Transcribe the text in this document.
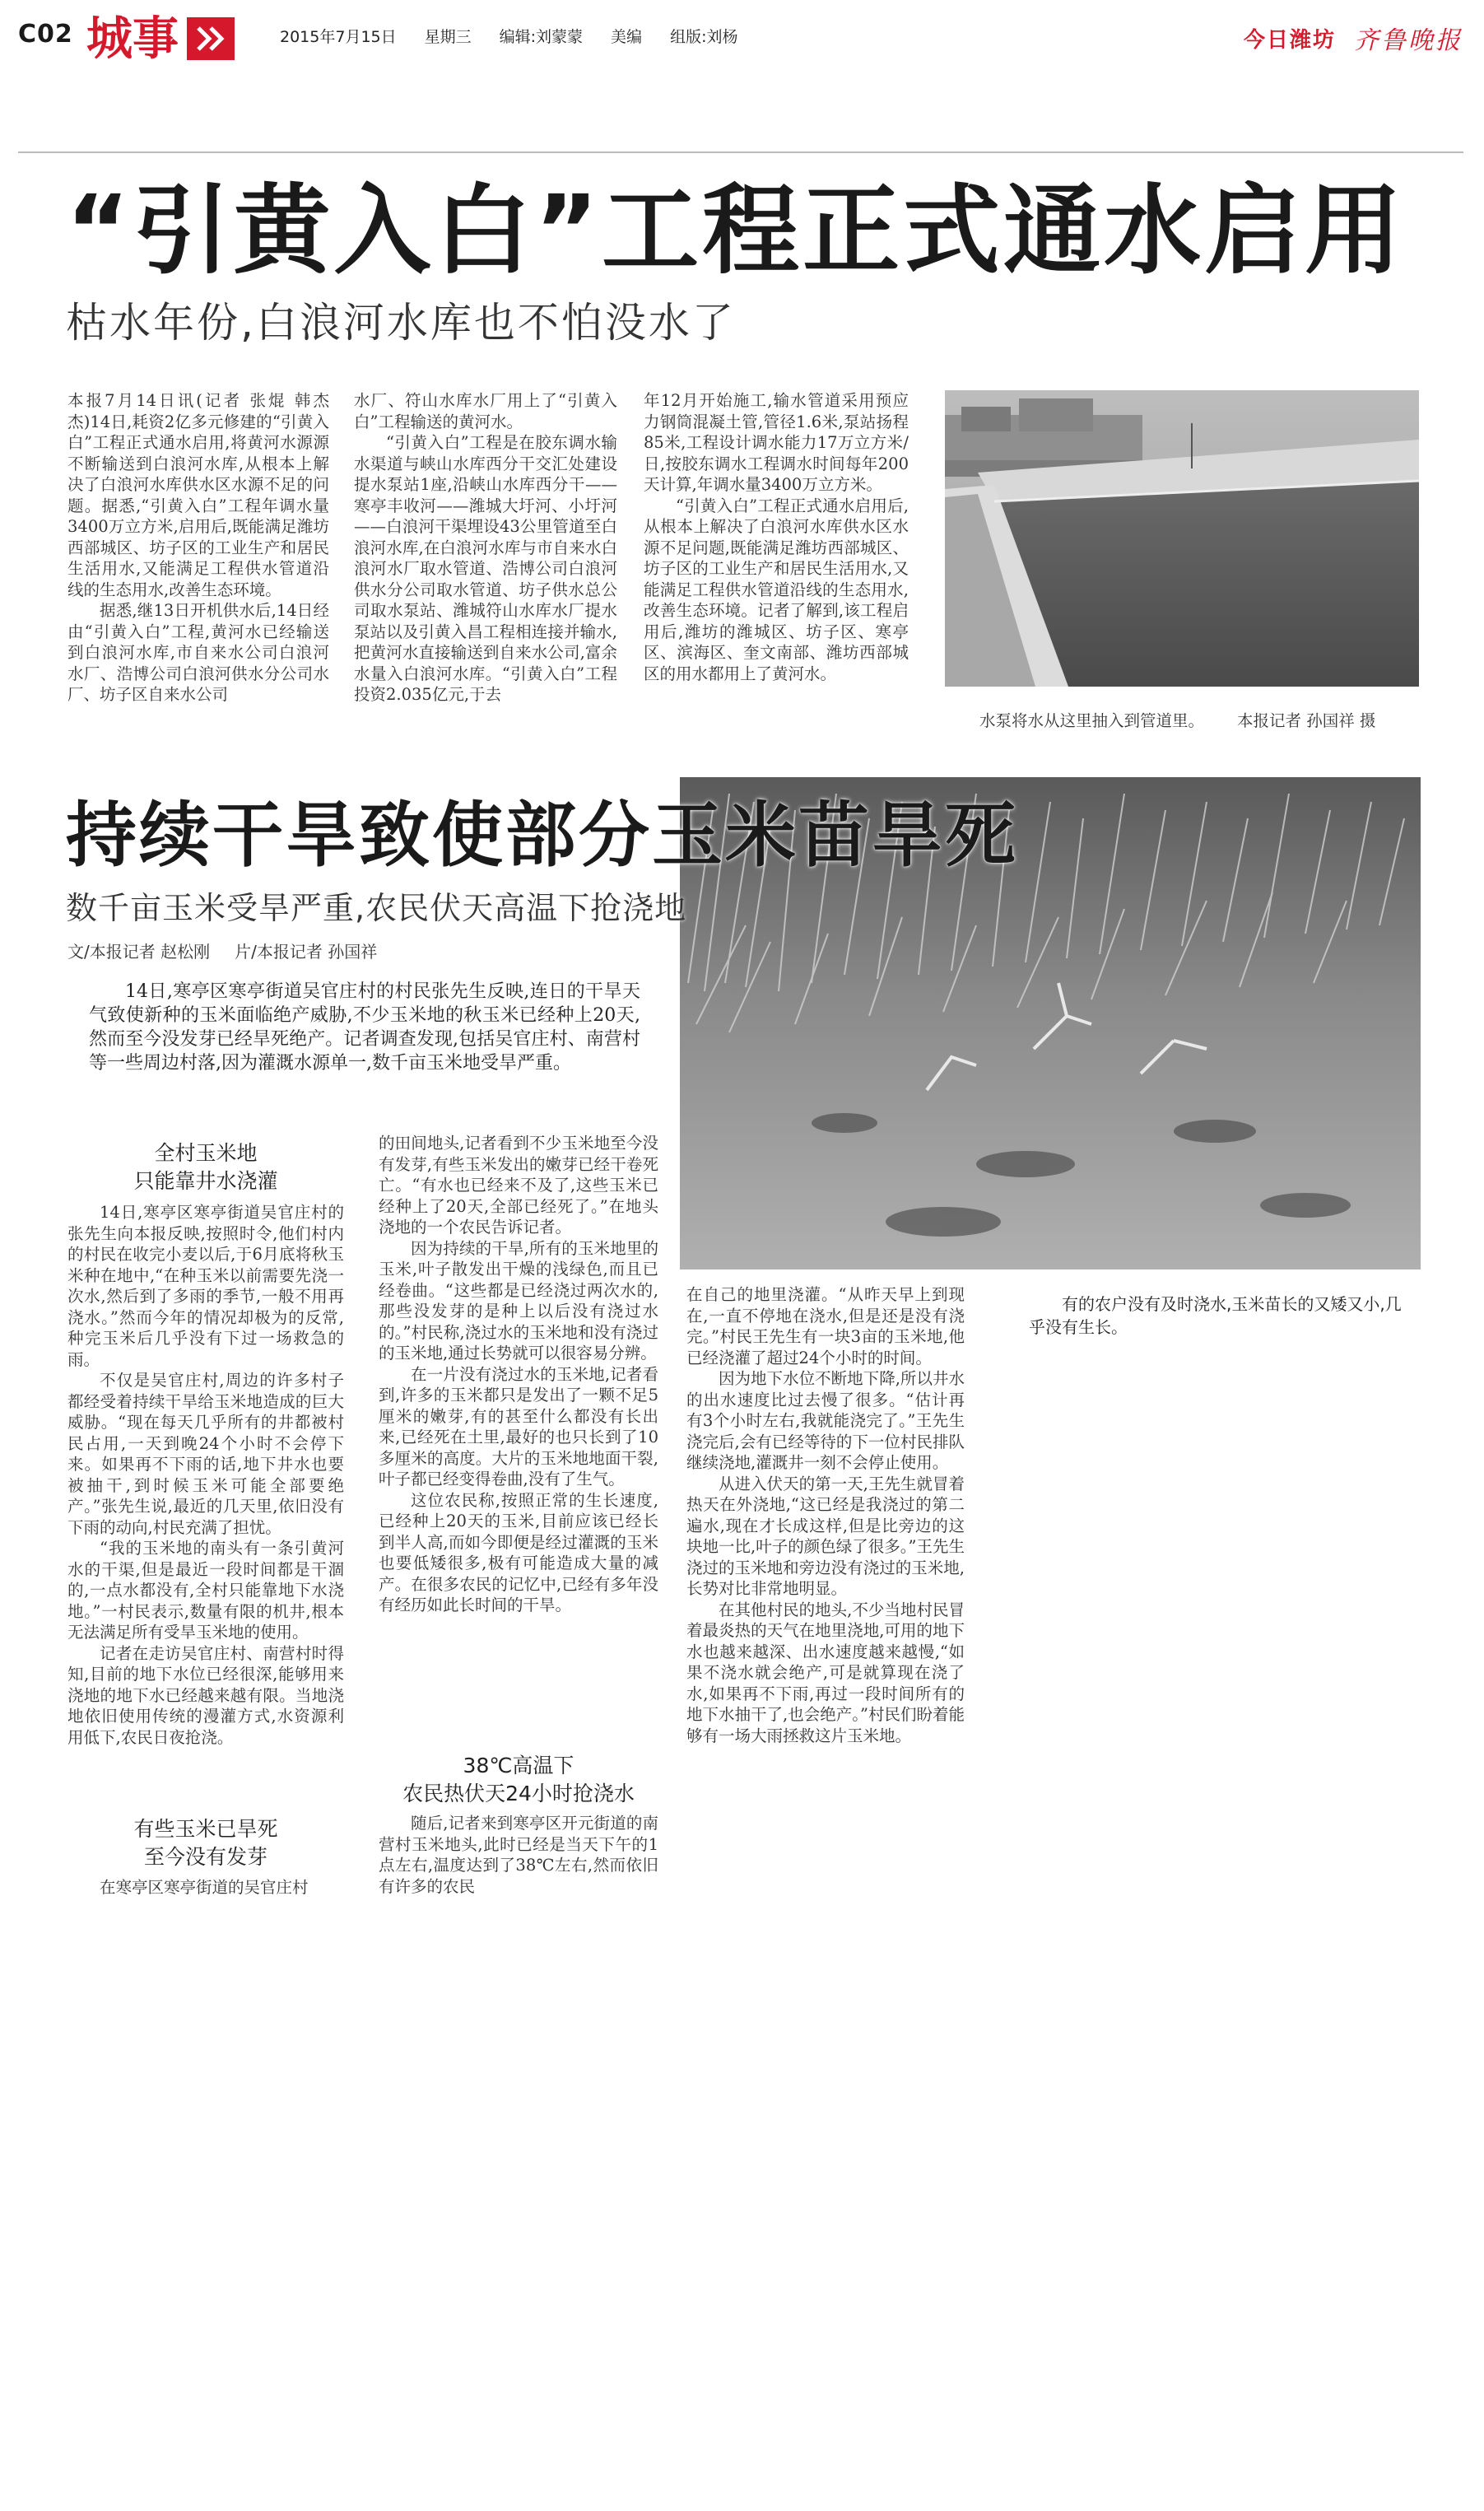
C02 城事	2015年7月15日 星期三 编辑:刘蒙蒙 美编 组版:刘杨	今日潍坊 齐鲁晚报
“引黄入白”工程正式通水启用
枯水年份,白浪河水库也不怕没水了

本报7月14日讯(记者 张焜 韩杰杰)14日,耗资2亿多元修建的“引黄入白”工程正式通水启用,将黄河水源源不断输送到白浪河水库,从根本上解决了白浪河水库供水区水源不足的问题。据悉,“引黄入白”工程年调水量3400万立方米,启用后,既能满足潍坊西部城区、坊子区的工业生产和居民生活用水,又能满足工程供水管道沿线的生态用水,改善生态环境。

据悉,继13日开机供水后,14日经由“引黄入白”工程,黄河水已经输送到白浪河水库,市自来水公司白浪河水厂、浩博公司白浪河供水分公司水厂、坊子区自来水公司

水厂、符山水库水厂用上了“引黄入白”工程输送的黄河水。

“引黄入白”工程是在胶东调水输水渠道与峡山水库西分干交汇处建设提水泵站1座,沿峡山水库西分干——寒亭丰收河——潍城大圩河、小圩河——白浪河干渠埋设43公里管道至白浪河水库,在白浪河水库与市自来水白浪河水厂取水管道、浩博公司白浪河供水分公司取水管道、坊子供水总公司取水泵站、潍城符山水库水厂提水泵站以及引黄入昌工程相连接并输水,把黄河水直接输送到自来水公司,富余水量入白浪河水库。“引黄入白”工程投资2.035亿元,于去

年12月开始施工,输水管道采用预应力钢筒混凝土管,管径1.6米,泵站扬程85米,工程设计调水能力17万立方米/日,按胶东调水工程调水时间每年200天计算,年调水量3400万立方米。

“引黄入白”工程正式通水启用后,从根本上解决了白浪河水库供水区水源不足问题,既能满足潍坊西部城区、坊子区的工业生产和居民生活用水,又能满足工程供水管道沿线的生态用水,改善生态环境。记者了解到,该工程启用后,潍坊的潍城区、坊子区、寒亭区、滨海区、奎文南部、潍坊西部城区的用水都用上了黄河水。

水泵将水从这里抽入到管道里。 本报记者 孙国祥 摄
持续干旱致使部分玉米苗旱死
数千亩玉米受旱严重,农民伏天高温下抢浇地
文/本报记者 赵松刚 片/本报记者 孙国祥

14日,寒亭区寒亭街道吴官庄村的村民张先生反映,连日的干旱天气致使新种的玉米面临绝产威胁,不少玉米地的秋玉米已经种上20天,然而至今没发芽已经旱死绝产。记者调查发现,包括吴官庄村、南营村等一些周边村落,因为灌溉水源单一,数千亩玉米地受旱严重。

全村玉米地
只能靠井水浇灌

14日,寒亭区寒亭街道吴官庄村的张先生向本报反映,按照时令,他们村内的村民在收完小麦以后,于6月底将秋玉米种在地中,“在种玉米以前需要先浇一次水,然后到了多雨的季节,一般不用再浇水。”然而今年的情况却极为的反常,种完玉米后几乎没有下过一场救急的雨。

不仅是吴官庄村,周边的许多村子都经受着持续干旱给玉米地造成的巨大威胁。“现在每天几乎所有的井都被村民占用,一天到晚24个小时不会停下来。如果再不下雨的话,地下井水也要被抽干,到时候玉米可能全部要绝产。”张先生说,最近的几天里,依旧没有下雨的动向,村民充满了担忧。

“我的玉米地的南头有一条引黄河水的干渠,但是最近一段时间都是干涸的,一点水都没有,全村只能靠地下水浇地。”一村民表示,数量有限的机井,根本无法满足所有受旱玉米地的使用。

记者在走访吴官庄村、南营村时得知,目前的地下水位已经很深,能够用来浇地的地下水已经越来越有限。当地浇地依旧使用传统的漫灌方式,水资源利用低下,农民日夜抢浇。

有些玉米已旱死
至今没有发芽

在寒亭区寒亭街道的吴官庄村

的田间地头,记者看到不少玉米地至今没有发芽,有些玉米发出的嫩芽已经干卷死亡。“有水也已经来不及了,这些玉米已经种上了20天,全部已经死了。”在地头浇地的一个农民告诉记者。

因为持续的干旱,所有的玉米地里的玉米,叶子散发出干燥的浅绿色,而且已经卷曲。“这些都是已经浇过两次水的,那些没发芽的是种上以后没有浇过水的。”村民称,浇过水的玉米地和没有浇过的玉米地,通过长势就可以很容易分辨。

在一片没有浇过水的玉米地,记者看到,许多的玉米都只是发出了一颗不足5厘米的嫩芽,有的甚至什么都没有长出来,已经死在土里,最好的也只长到了10多厘米的高度。大片的玉米地地面干裂,叶子都已经变得卷曲,没有了生气。

这位农民称,按照正常的生长速度,已经种上20天的玉米,目前应该已经长到半人高,而如今即便是经过灌溉的玉米也要低矮很多,极有可能造成大量的减产。在很多农民的记忆中,已经有多年没有经历如此长时间的干旱。

38℃高温下
农民热伏天24小时抢浇水

随后,记者来到寒亭区开元街道的南营村玉米地头,此时已经是当天下午的1点左右,温度达到了38℃左右,然而依旧有许多的农民

在自己的地里浇灌。“从昨天早上到现在,一直不停地在浇水,但是还是没有浇完。”村民王先生有一块3亩的玉米地,他已经浇灌了超过24个小时的时间。

因为地下水位不断地下降,所以井水的出水速度比过去慢了很多。“估计再有3个小时左右,我就能浇完了。”王先生浇完后,会有已经等待的下一位村民排队继续浇地,灌溉井一刻不会停止使用。

从进入伏天的第一天,王先生就冒着热天在外浇地,“这已经是我浇过的第二遍水,现在才长成这样,但是比旁边的这块地一比,叶子的颜色绿了很多。”王先生浇过的玉米地和旁边没有浇过的玉米地,长势对比非常地明显。

在其他村民的地头,不少当地村民冒着最炎热的天气在地里浇地,可用的地下水也越来越深、出水速度越来越慢,“如果不浇水就会绝产,可是就算现在浇了水,如果再不下雨,再过一段时间所有的地下水抽干了,也会绝产。”村民们盼着能够有一场大雨拯救这片玉米地。

有的农户没有及时浇水,玉米苗长的又矮又小,几乎没有生长。
